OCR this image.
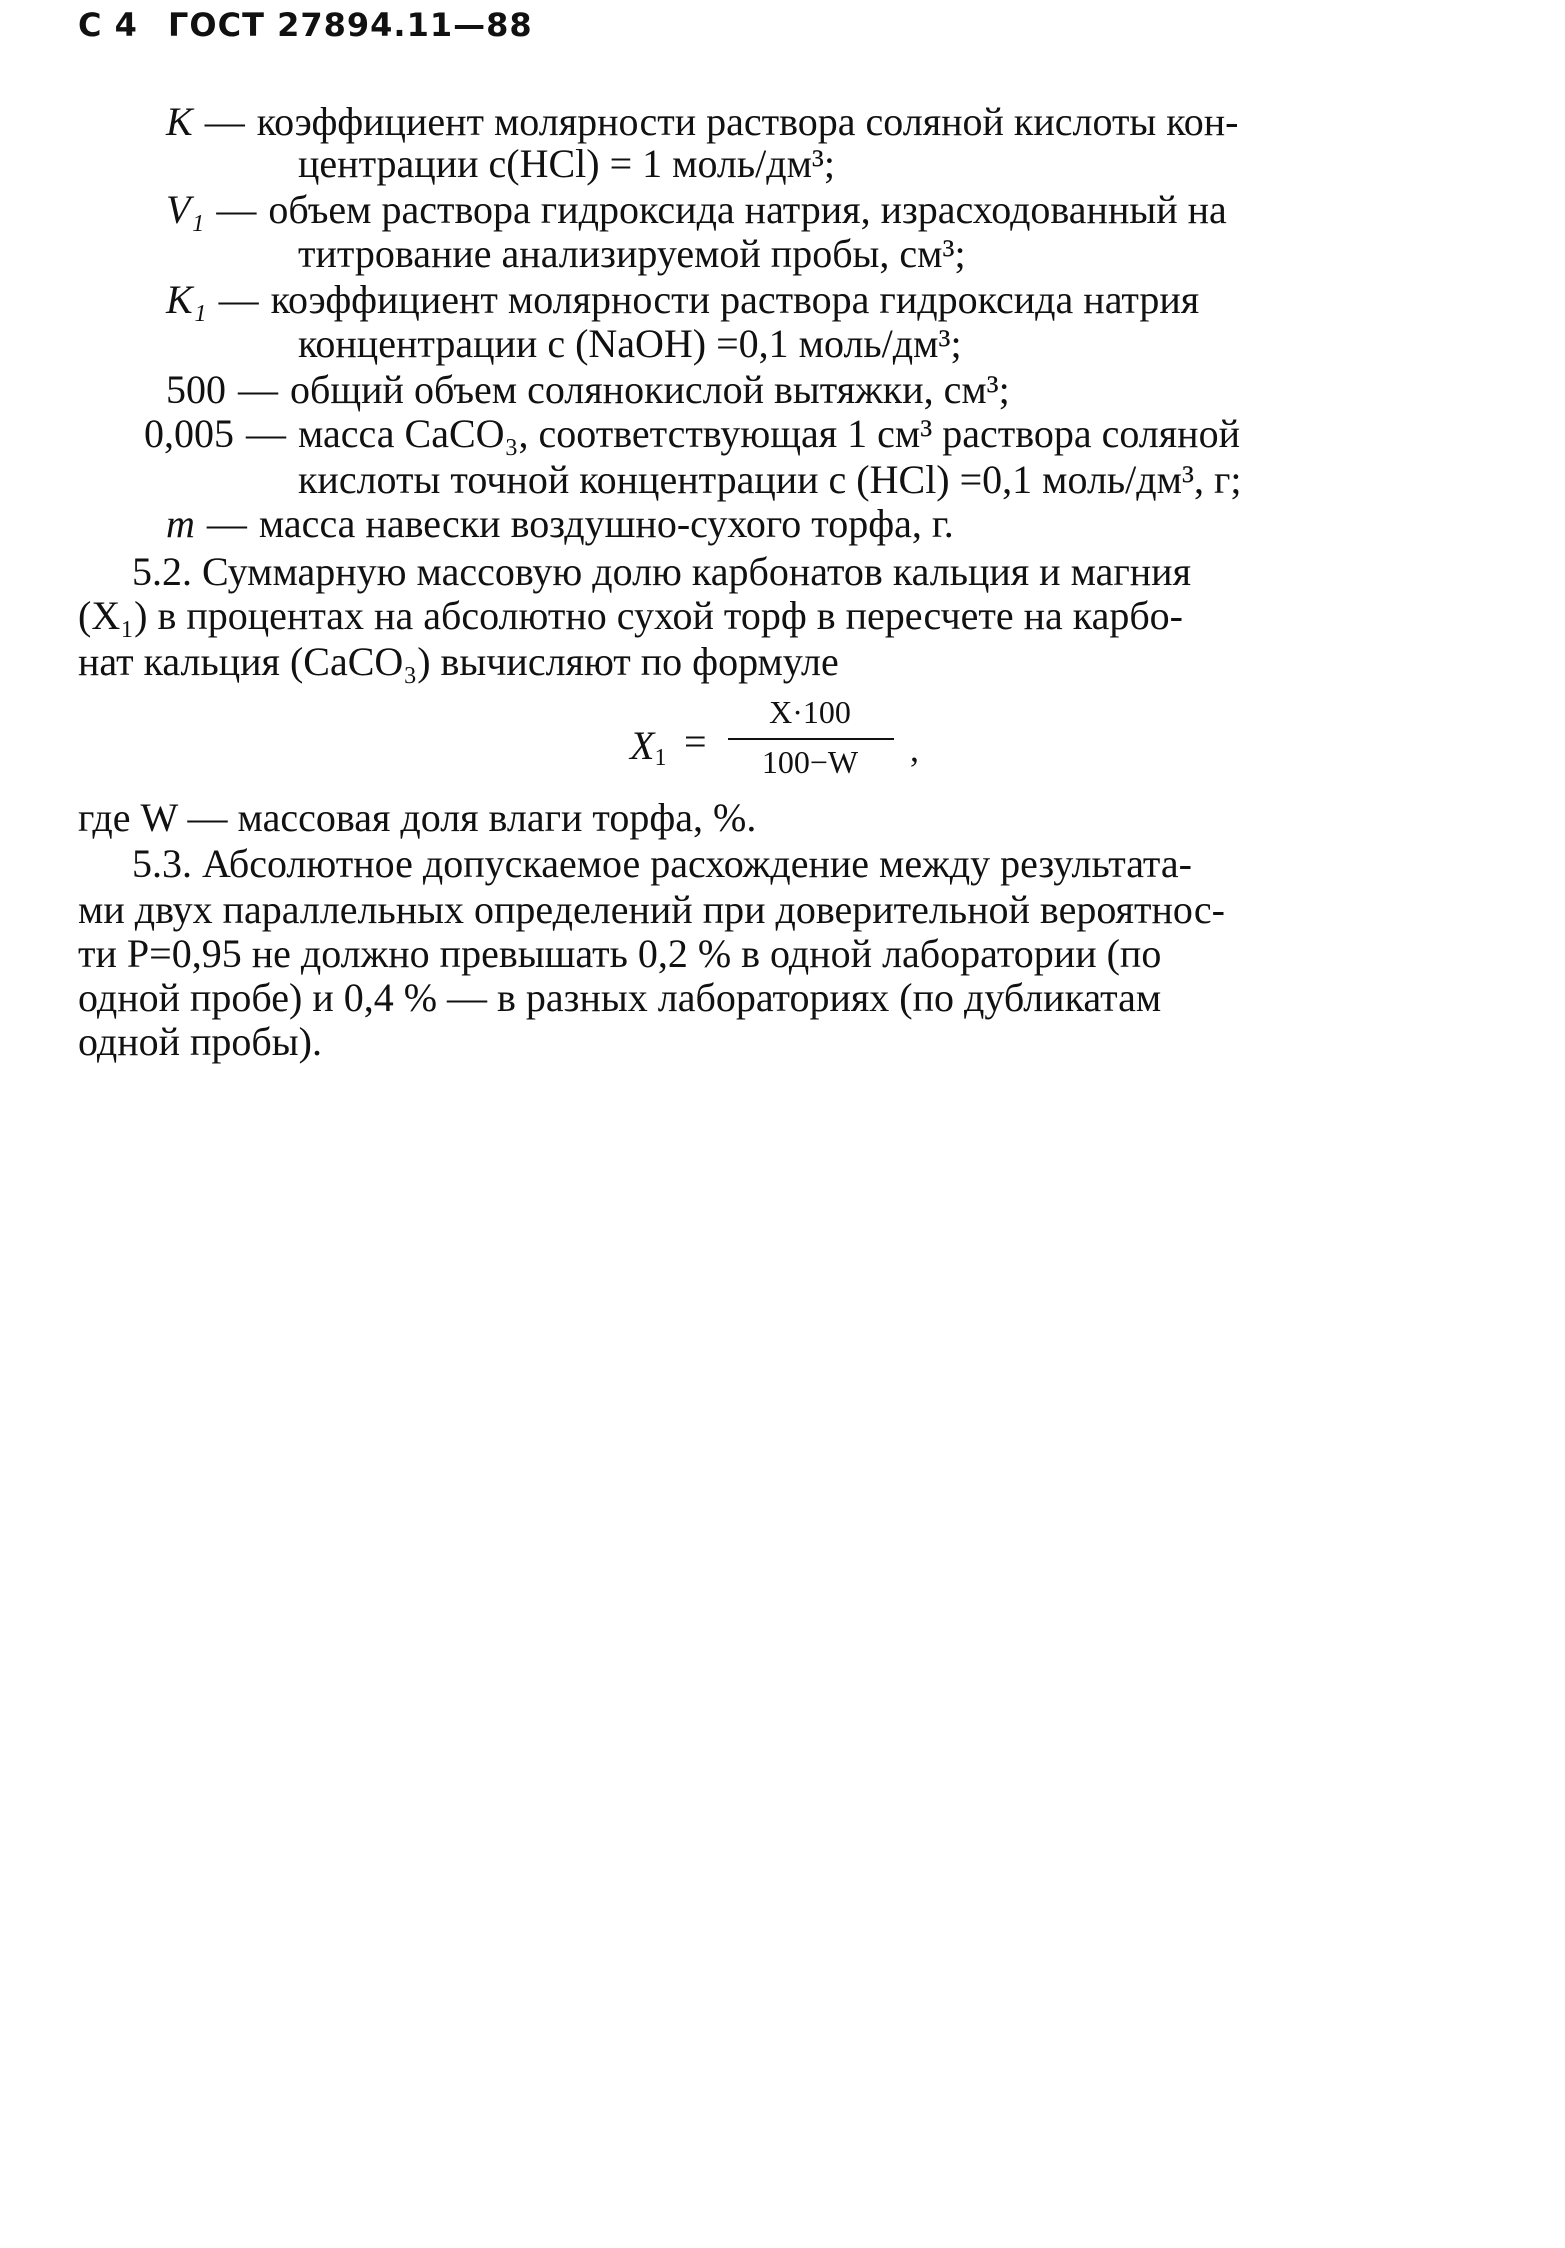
С 4 ГОСТ 27894.11—88
K — коэффициент молярности раствора соляной кислоты кон-
центрации c(HCl) = 1 моль/дм³;
V₁ — объем раствора гидроксида натрия, израсходованный на
титрование анализируемой пробы, см³;
K₁ — коэффициент молярности раствора гидроксида натрия
концентрации c (NaOH) =0,1 моль/дм³;
500 — общий объем солянокислой вытяжки, см³;
0,005 — масса CaCO₃, соответствующая 1 см³ раствора соляной
кислоты точной концентрации c (HCl) =0,1 моль/дм³, г;
m — масса навески воздушно-сухого торфа, г.
5.2. Суммарную массовую долю карбонатов кальция и магния
(X₁) в процентах на абсолютно сухой торф в пересчете на карбо-
нат кальция (CaCO₃) вычисляют по формуле
$X_1$ =
X·100
100−W	,
где W — массовая доля влаги торфа, %.
5.3. Абсолютное допускаемое расхождение между результата-
ми двух параллельных определений при доверительной вероятнос-
ти P=0,95 не должно превышать 0,2 % в одной лаборатории (по
одной пробе) и 0,4 % — в разных лабораториях (по дубликатам
одной пробы).
